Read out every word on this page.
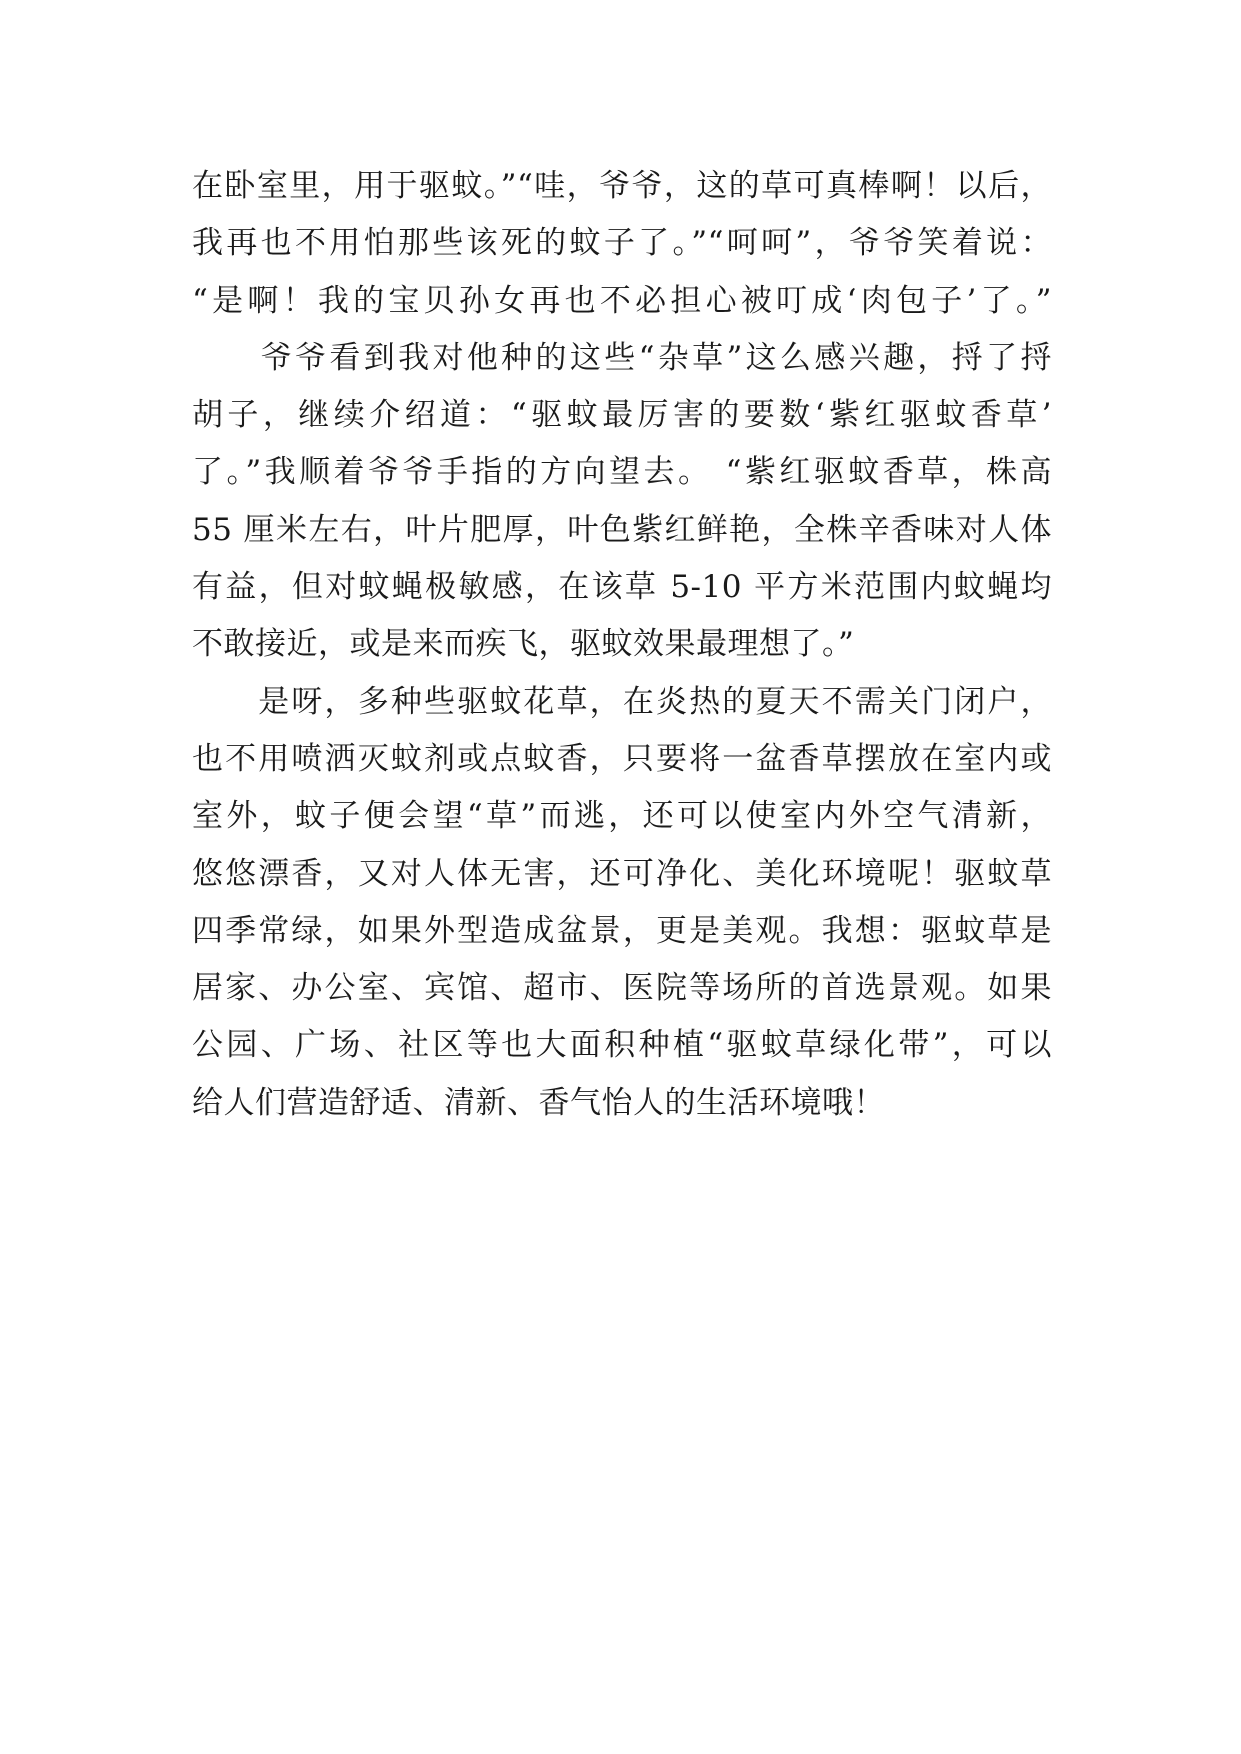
在卧室里，用于驱蚊。”“哇，爷爷，这的草可真棒啊！以后，
我再也不用怕那些该死的蚊子了。”“呵呵”，爷爷笑着说：
“是啊！我的宝贝孙女再也不必担心被叮成‘肉包子’了。”
　　爷爷看到我对他种的这些“杂草”这么感兴趣，捋了捋
胡子，继续介绍道：“驱蚊最厉害的要数‘紫红驱蚊香草’
了。”我顺着爷爷手指的方向望去。 “紫红驱蚊香草，株高
55 厘米左右，叶片肥厚，叶色紫红鲜艳，全株辛香味对人体
有益，但对蚊蝇极敏感，在该草 5-10 平方米范围内蚊蝇均
不敢接近，或是来而疾飞，驱蚊效果最理想了。”
　　是呀，多种些驱蚊花草，在炎热的夏天不需关门闭户，
也不用喷洒灭蚊剂或点蚊香，只要将一盆香草摆放在室内或
室外，蚊子便会望“草”而逃，还可以使室内外空气清新，
悠悠漂香，又对人体无害，还可净化、美化环境呢！驱蚊草
四季常绿，如果外型造成盆景，更是美观。我想：驱蚊草是
居家、办公室、宾馆、超市、医院等场所的首选景观。如果
公园、广场、社区等也大面积种植“驱蚊草绿化带”，可以
给人们营造舒适、清新、香气怡人的生活环境哦！
